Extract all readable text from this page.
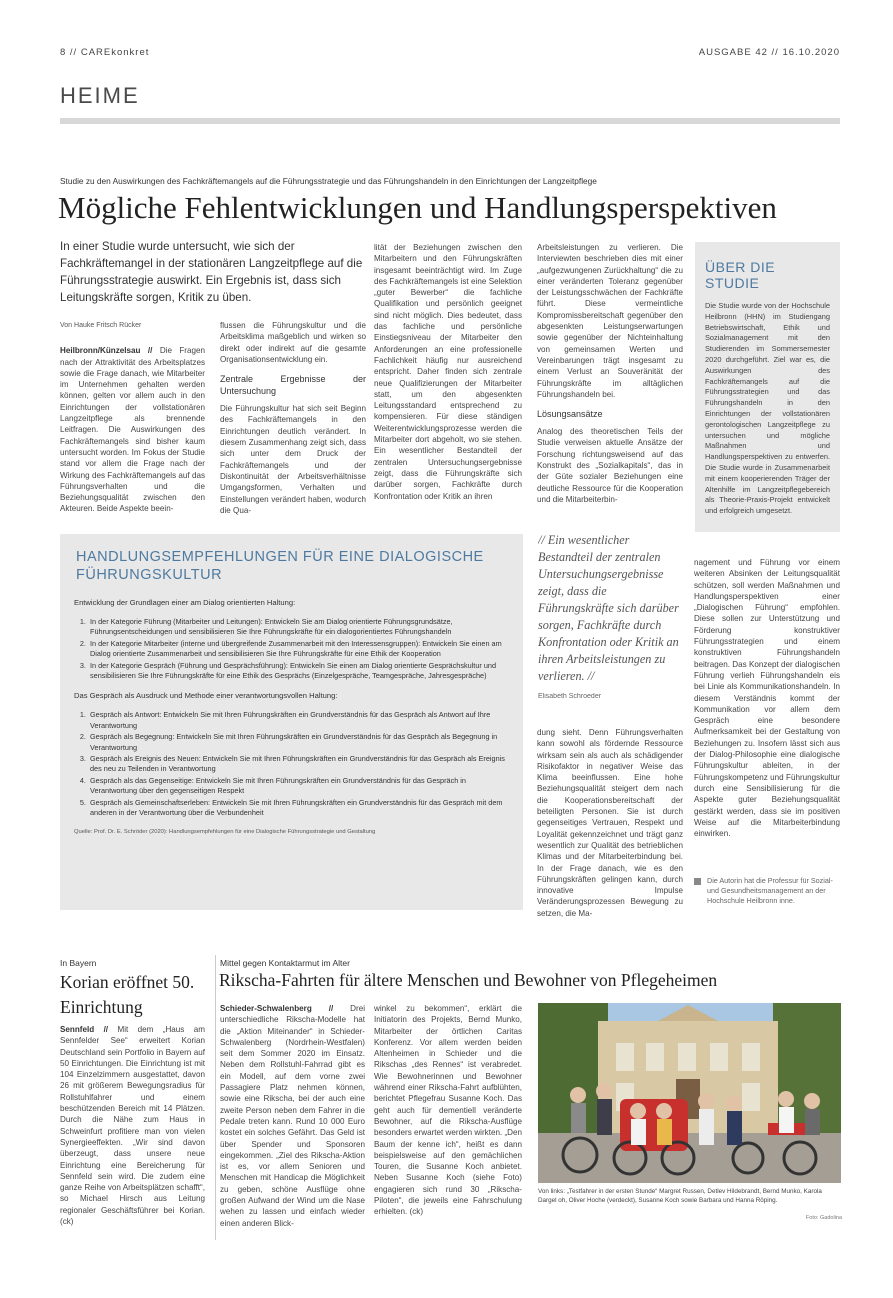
8 // CAREkonkret	AUSGABE 42 // 16.10.2020
HEIME
Studie zu den Auswirkungen des Fachkräftemangels auf die Führungsstrategie und das Führungshandeln in den Einrichtungen der Langzeitpflege
Mögliche Fehlentwicklungen und Handlungsperspektiven
In einer Studie wurde untersucht, wie sich der Fachkräftemangel in der stationären Langzeitpflege auf die Führungsstrategie auswirkt. Ein Ergebnis ist, dass sich Leitungskräfte sorgen, Kritik zu üben.
Von Hauke Fritsch Rücker

Heilbronn/Künzelsau // Die Fragen nach der Attraktivität des Arbeitsplatzes sowie die Frage danach, wie Mitarbeiter im Unternehmen gehalten werden können, gelten vor allem auch in den Einrichtungen der vollstationären Langzeitpflege als brennende Leitfragen. Die Auswirkungen des Fachkräftemangels sind bisher kaum untersucht worden. Im Fokus der Studie stand vor allem die Frage nach der Wirkung des Fachkräftemangels auf das Führungsverhalten und die Beziehungsqualität zwischen den Akteuren. Beide Aspekte beein-

flussen die Führungskultur und die Arbeitsklima maßgeblich und wirken so direkt oder indirekt auf die gesamte Organisationsentwicklung ein.

Zentrale Ergebnisse der Untersuchung

Die Führungskultur hat sich seit Beginn des Fachkräftemangels in den Einrichtungen deutlich verändert. In diesem Zusammenhang zeigt sich, dass sich unter dem Druck der Fachkräftemangels und der Diskontinuität der Arbeitsverhältnisse Umgangsformen, Verhalten und Einstellungen verändert haben, wodurch die Qua-

lität der Beziehungen zwischen den Mitarbeitern und den Führungskräften insgesamt beeinträchtigt wird. Im Zuge des Fachkräftemangels ist eine Selektion „guter Bewerber“ die fachliche Qualifikation und persönlich geeignet sind nicht möglich. Dies bedeutet, dass das fachliche und persönliche Einstiegsniveau der Mitarbeiter den Anforderungen an eine professionelle Fachlichkeit häufig nur ausreichend entspricht. Daher finden sich zentrale neue Qualifizierungen der Mitarbeiter statt, um den abgesenkten Leitungsstandard entsprechend zu kompensieren. Für diese ständigen Weiterentwicklungsprozesse werden die Mitarbeiter dort abgeholt, wo sie stehen. Ein wesentlicher Bestandteil der zentralen Untersuchungsergebnisse zeigt, dass die Führungskräfte sich darüber sorgen, Fachkräfte durch Konfrontation oder Kritik an ihren

Arbeitsleistungen zu verlieren. Die Interviewten beschrieben dies mit einer „aufgezwungenen Zurückhaltung“ die zu einer veränderten Toleranz gegenüber der Leistungsschwächen der Fachkräfte führt. Diese vermeintliche Kompromissbereitschaft gegenüber den abgesenkten Leistungserwartungen sowie gegenüber der Nichteinhaltung von gemeinsamen Werten und Vereinbarungen trägt insgesamt zu einem Verlust an Souveränität der Führungskräfte im alltäglichen Führungshandeln bei.

Lösungsansätze

Analog des theoretischen Teils der Studie verweisen aktuelle Ansätze der Forschung richtungsweisend auf das Konstrukt des „Sozialkapitals“, das in der Güte sozialer Beziehungen eine deutliche Ressource für die Kooperation und die Mitarbeiterbin-

ÜBER DIE STUDIE
Die Studie wurde von der Hochschule Heilbronn (HHN) im Studiengang Betriebswirtschaft, Ethik und Sozialmanagement mit den Studierenden im Sommersemester 2020 durchgeführt. Ziel war es, die Auswirkungen des Fachkräftemangels auf die Führungsstrategien und das Führungshandeln in den Einrichtungen der vollstationären gerontologischen Langzeitpflege zu untersuchen und mögliche Maßnahmen und Handlungsperspektiven zu entwerfen. Die Studie wurde in Zusammenarbeit mit einem kooperierenden Träger der Altenhilfe im Langzeitpflegebereich als Theorie-Praxis-Projekt entwickelt und erfolgreich umgesetzt.
HANDLUNGSEMPFEHLUNGEN FÜR EINE DIALOGISCHE FÜHRUNGSKULTUR
Entwicklung der Grundlagen einer am Dialog orientierten Haltung:
1. In der Kategorie Führung (Mitarbeiter und Leitungen): Entwickeln Sie am Dialog orientierte Führungsgrundsätze, Führungsentscheidungen und sensibilisieren Sie Ihre Führungskräfte für ein dialogorientiertes Führungshandeln
2. In der Kategorie Mitarbeiter (interne und übergreifende Zusammenarbeit mit den Interessensgruppen): Entwickeln Sie einen am Dialog orientierte Zusammenarbeit und sensibilisieren Sie Ihre Führungskräfte für eine Ethik der Kooperation
3. In der Kategorie Gespräch (Führung und Gesprächsführung): Entwickeln Sie einen am Dialog orientierte Gesprächskultur und sensibilisieren Sie Ihre Führungskräfte für eine Ethik des Gesprächs (Einzelgespräche, Teamgespräche, Jahresgespräche)
Das Gespräch als Ausdruck und Methode einer verantwortungsvollen Haltung:
1. Gespräch als Antwort: Entwickeln Sie mit Ihren Führungskräften ein Grundverständnis für das Gespräch als Antwort auf Ihre Verantwortung
2. Gespräch als Begegnung: Entwickeln Sie mit Ihren Führungskräften ein Grundverständnis für das Gespräch als Begegnung in Verantwortung
3. Gespräch als Ereignis des Neuen: Entwickeln Sie mit Ihren Führungskräften ein Grundverständnis für das Gespräch als Ereignis des neu zu Teilenden in Verantwortung
4. Gespräch als das Gegenseitige: Entwickeln Sie mit Ihren Führungskräften ein Grundverständnis für das Gespräch in Verantwortung über den gegenseitigen Respekt
5. Gespräch als Gemeinschaftserleben: Entwickeln Sie mit Ihren Führungskräften ein Grundverständnis für das Gespräch mit dem anderen in der Verantwortung über die Verbundenheit
Quelle: Prof. Dr. E. Schröder (2020): Handlungsempfehlungen für eine Dialogische Führungsstrategie und Gestaltung
// Ein wesentlicher Bestandteil der zentralen Untersuchungsergebnisse zeigt, dass die Führungskräfte sich darüber sorgen, Fachkräfte durch Konfrontation oder Kritik an ihren Arbeitsleistungen zu verlieren. //
Elisabeth Schroeder

dung sieht. Denn Führungsverhalten kann sowohl als fördernde Ressource wirksam sein als auch als schädigender Risikofaktor in negativer Weise das Klima beeinflussen. Eine hohe Beziehungsqualität steigert dem nach die Kooperationsbereitschaft der beteiligten Personen. Sie ist durch gegenseitiges Vertrauen, Respekt und Loyalität gekennzeichnet und trägt ganz wesentlich zur Qualität des betrieblichen Klimas und der Mitarbeiterbindung bei. In der Frage danach, wie es den Führungskräften gelingen kann, durch innovative Impulse Veränderungsprozessen Bewegung zu setzen, die Ma-

nagement und Führung vor einem weiteren Absinken der Leitungsqualität schützen, soll werden Maßnahmen und Handlungsperspektiven einer „Dialogischen Führung“ empfohlen. Diese sollen zur Unterstützung und Förderung konstruktiver Führungsstrategien und einem konstruktiven Führungshandeln beitragen. Das Konzept der dialogischen Führung verlieh Führungshandeln eis bei Linie als Kommunikationshandeln. In diesem Verständnis kommt der Kommunikation vor allem dem Gespräch eine besondere Aufmerksamkeit bei der Gestaltung von Beziehungen zu. Insofern lässt sich aus der Dialog-Philosophie eine dialogische Führungskultur ableiten, in der Führungskompetenz und Führungskultur durch eine Sensibilisierung für die Aspekte guter Beziehungsqualität gestärkt werden, dass sie im positiven Weise auf die Mitarbeiterbindung einwirken.

Die Autorin hat die Professur für Sozial- und Gesundheitsmanagement an der Hochschule Heilbronn inne.
In Bayern
Korian eröffnet 50. Einrichtung

Sennfeld // Mit dem „Haus am Sennfelder See“ erweitert Korian Deutschland sein Portfolio in Bayern auf 50 Einrichtungen. Die Einrichtung ist mit 104 Einzelzimmern ausgestattet, davon 26 mit größerem Bewegungsradius für Rollstuhlfahrer und einem beschützenden Bereich mit 14 Plätzen. Durch die Nähe zum Haus in Schweinfurt profitiere man von vielen Synergieeffekten. „Wir sind davon überzeugt, dass unsere neue Einrichtung eine Bereicherung für Sennfeld sein wird. Die zudem eine ganze Reihe von Arbeitsplätzen schafft“, so Michael Hirsch aus Leitung regionaler Geschäftsführer bei Korian. (ck)

Mittel gegen Kontaktarmut im Alter
Rikscha-Fahrten für ältere Menschen und Bewohner von Pflegeheimen

Schieder-Schwalenberg // Drei unterschiedliche Rikscha-Modelle hat die „Aktion Miteinander“ in Schieder-Schwalenberg (Nordrhein-Westfalen) seit dem Sommer 2020 im Einsatz. Neben dem Rollstuhl-Fahrrad gibt es ein Modell, auf dem vorne zwei Passagiere Platz nehmen können, sowie eine Rikscha, bei der auch eine zweite Person neben dem Fahrer in die Pedale treten kann. Rund 10 000 Euro kostet ein solches Gefährt. Das Geld ist über Spender und Sponsoren eingekommen. „Ziel des Rikscha-Aktion ist es, vor allem Senioren und Menschen mit Handicap die Möglichkeit zu geben, schöne Ausflüge ohne großen Aufwand der Wind um die Nase wehen zu lassen und einfach wieder einen anderen Blick-

winkel zu bekommen“, erklärt die Initiatorin des Projekts, Bernd Munko, Mitarbeiter der örtlichen Caritas Konferenz. Vor allem werden beiden Altenheimen in Schieder und die Rikschas „des Rennes“ ist verabredet. Wie Bewohnerinnen und Bewohner während einer Rikscha-Fahrt aufblühten, berichtet Pflegefrau Susanne Koch. Das geht auch für dementiell veränderte Bewohner, auf die Rikscha-Ausflüge besonders erwartet werden wirkten. „Den Baum der kenne ich“, heißt es dann beispielsweise auf den gemächlichen Touren, die Susanne Koch anbietet. Neben Susanne Koch (siehe Foto) engagieren sich rund 30 „Rikscha-Piloten“, die jeweils eine Fahrschulung erhielten. (ck)

Von links: „Testfahrer in der ersten Stunde“ Margret Russen, Detlev Hildebrandt, Bernd Munko, Karola Dargel oh, Oliver Hoche (verdeckt), Susanne Koch sowie Barbara und Hanna Röping.
Foto: Gadolina
